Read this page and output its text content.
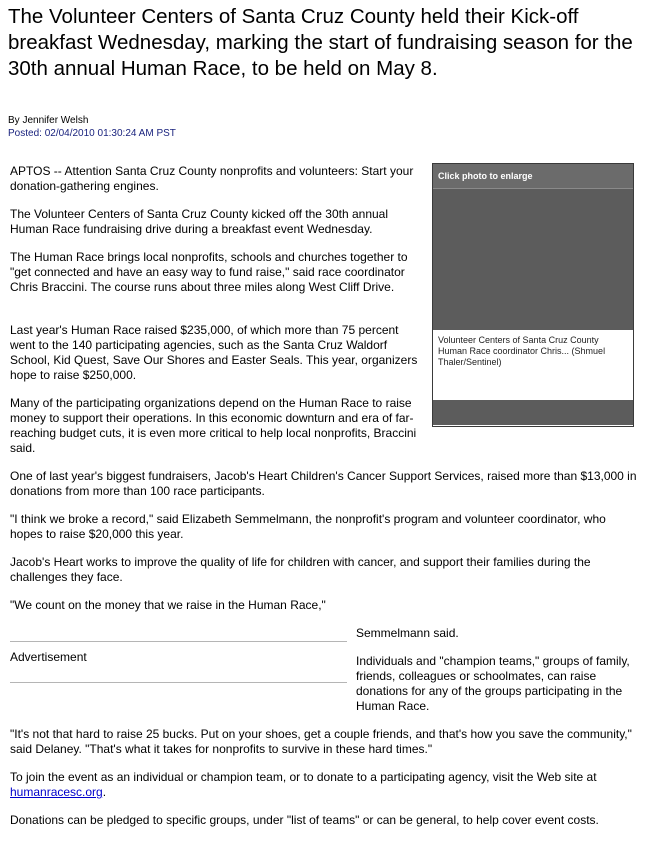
The Volunteer Centers of Santa Cruz County held their Kick-off breakfast Wednesday, marking the start of fundraising season for the 30th annual Human Race, to be held on May 8.
By Jennifer Welsh
Posted: 02/04/2010 01:30:24 AM PST
Click photo to enlarge
Volunteer Centers of Santa Cruz County Human Race coordinator Chris... (Shmuel Thaler/Sentinel)

APTOS -- Attention Santa Cruz County nonprofits and volunteers: Start your donation-gathering engines.

The Volunteer Centers of Santa Cruz County kicked off the 30th annual Human Race fundraising drive during a breakfast event Wednesday.

The Human Race brings local nonprofits, schools and churches together to "get connected and have an easy way to fund raise," said race coordinator Chris Braccini. The course runs about three miles along West Cliff Drive.

Last year's Human Race raised $235,000, of which more than 75 percent went to the 140 participating agencies, such as the Santa Cruz Waldorf School, Kid Quest, Save Our Shores and Easter Seals. This year, organizers hope to raise $250,000.

Many of the participating organizations depend on the Human Race to raise money to support their operations. In this economic downturn and era of far-reaching budget cuts, it is even more critical to help local nonprofits, Braccini said.

One of last year's biggest fundraisers, Jacob's Heart Children's Cancer Support Services, raised more than $13,000 in donations from more than 100 race participants.

"I think we broke a record," said Elizabeth Semmelmann, the nonprofit's program and volunteer coordinator, who hopes to raise $20,000 this year.

Jacob's Heart works to improve the quality of life for children with cancer, and support their families during the challenges they face.

"We count on the money that we raise in the Human Race,"

Advertisement

Semmelmann said.

Individuals and "champion teams," groups of family, friends, colleagues or schoolmates, can raise donations for any of the groups participating in the Human Race.

"It's not that hard to raise 25 bucks. Put on your shoes, get a couple friends, and that's how you save the community," said Delaney. "That's what it takes for nonprofits to survive in these hard times."

To join the event as an individual or champion team, or to donate to a participating agency, visit the Web site at humanracesc.org.

Donations can be pledged to specific groups, under "list of teams" or can be general, to help cover event costs.
